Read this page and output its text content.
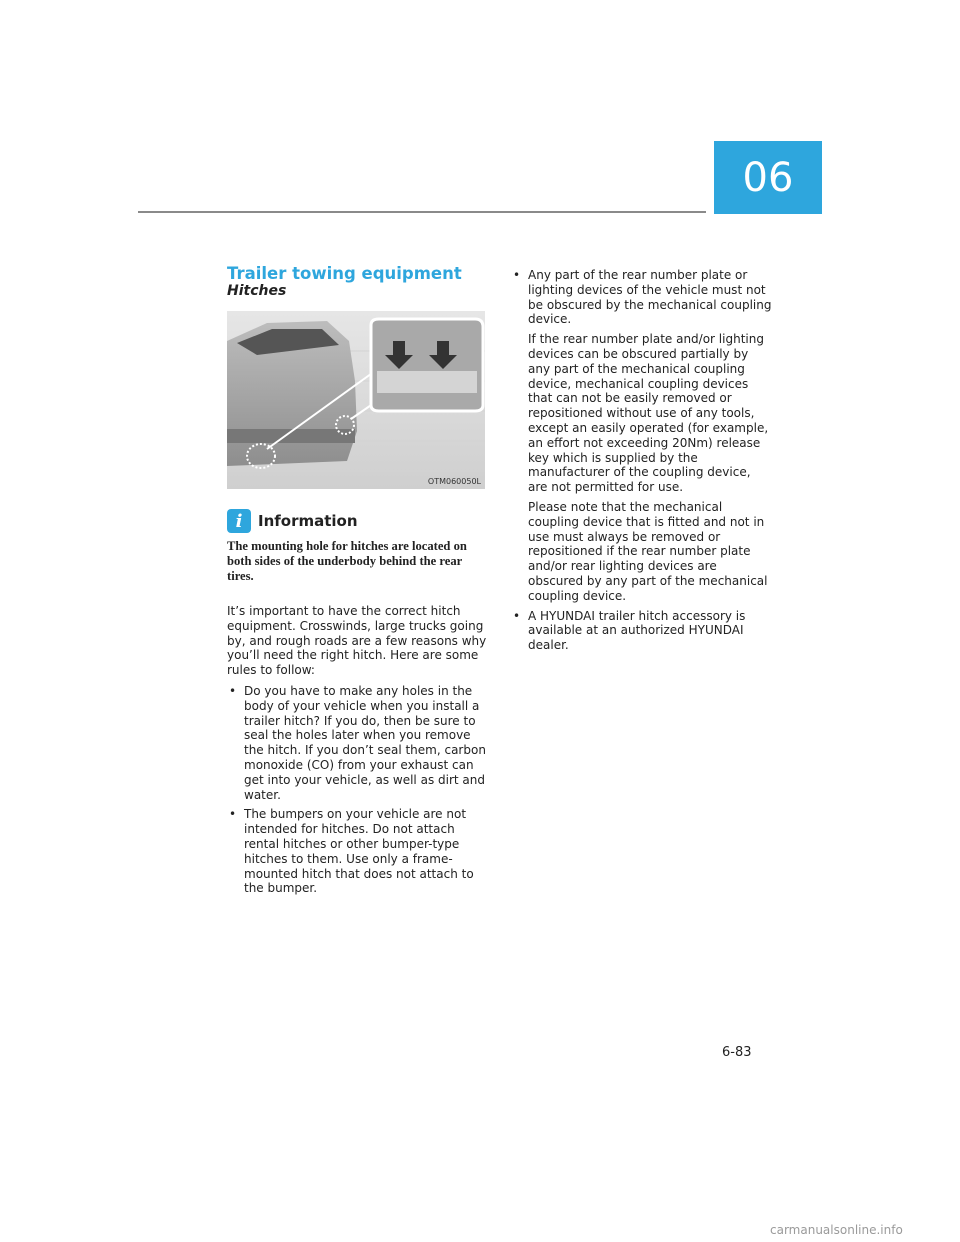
06
Trailer towing equipment
Hitches
OTM060050L
i	Information
The mounting hole for hitches are located on both sides of the underbody behind the rear tires.
It’s important to have the correct hitch equipment. Crosswinds, large trucks going by, and rough roads are a few reasons why you’ll need the right hitch. Here are some rules to follow:
• Do you have to make any holes in the body of your vehicle when you install a trailer hitch? If you do, then be sure to seal the holes later when you remove the hitch. If you don’t seal them, carbon monoxide (CO) from your exhaust can get into your vehicle, as well as dirt and water.
• The bumpers on your vehicle are not intended for hitches. Do not attach rental hitches or other bumper-type hitches to them. Use only a frame-mounted hitch that does not attach to the bumper.
• Any part of the rear number plate or lighting devices of the vehicle must not be obscured by the mechanical coupling device.
If the rear number plate and/or lighting devices can be obscured partially by any part of the mechanical coupling device, mechanical coupling devices that can not be easily removed or repositioned without use of any tools, except an easily operated (for example, an effort not exceeding 20Nm) release key which is supplied by the manufacturer of the coupling device, are not permitted for use.
Please note that the mechanical coupling device that is fitted and not in use must always be removed or repositioned if the rear number plate and/or rear lighting devices are obscured by any part of the mechanical coupling device.
• A HYUNDAI trailer hitch accessory is available at an authorized HYUNDAI dealer.
6-83
carmanualsonline.info
